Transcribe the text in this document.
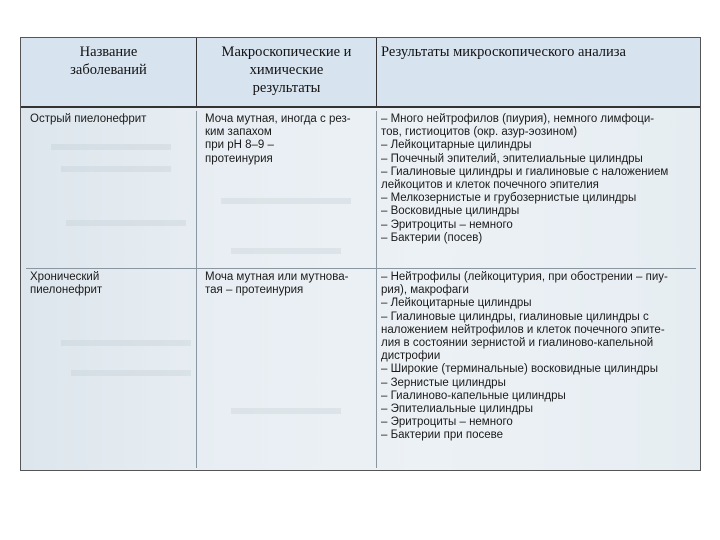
Название
заболеваний
Макроскопические и
химические
результаты
Результаты микроскопического анализа
Острый пиелонефрит	Моча мутная, иногда с рез-
ким запахом
при pH 8–9 –
протеинурия
– Много нейтрофилов (пиурия), немного лимфоци-
тов, гистиоцитов (окр. азур-эозином)
– Лейкоцитарные цилиндры
– Почечный эпителий, эпителиальные цилиндры
– Гиалиновые цилиндры и гиалиновые с наложением
лейкоцитов и клеток почечного эпителия
– Мелкозернистые и грубозернистые цилиндры
– Восковидные цилиндры
– Эритроциты – немного
– Бактерии (посев)
Хронический
пиелонефрит
Моча мутная или мутнова-
тая – протеинурия
– Нейтрофилы (лейкоцитурия, при обострении – пиу-
рия), макрофаги
– Лейкоцитарные цилиндры
– Гиалиновые цилиндры, гиалиновые цилиндры с
наложением нейтрофилов и клеток почечного эпите-
лия в состоянии зернистой и гиалиново-капельной
дистрофии
– Широкие (терминальные) восковидные цилиндры
– Зернистые цилиндры
– Гиалиново-капельные цилиндры
– Эпителиальные цилиндры
– Эритроциты – немного
– Бактерии при посеве
